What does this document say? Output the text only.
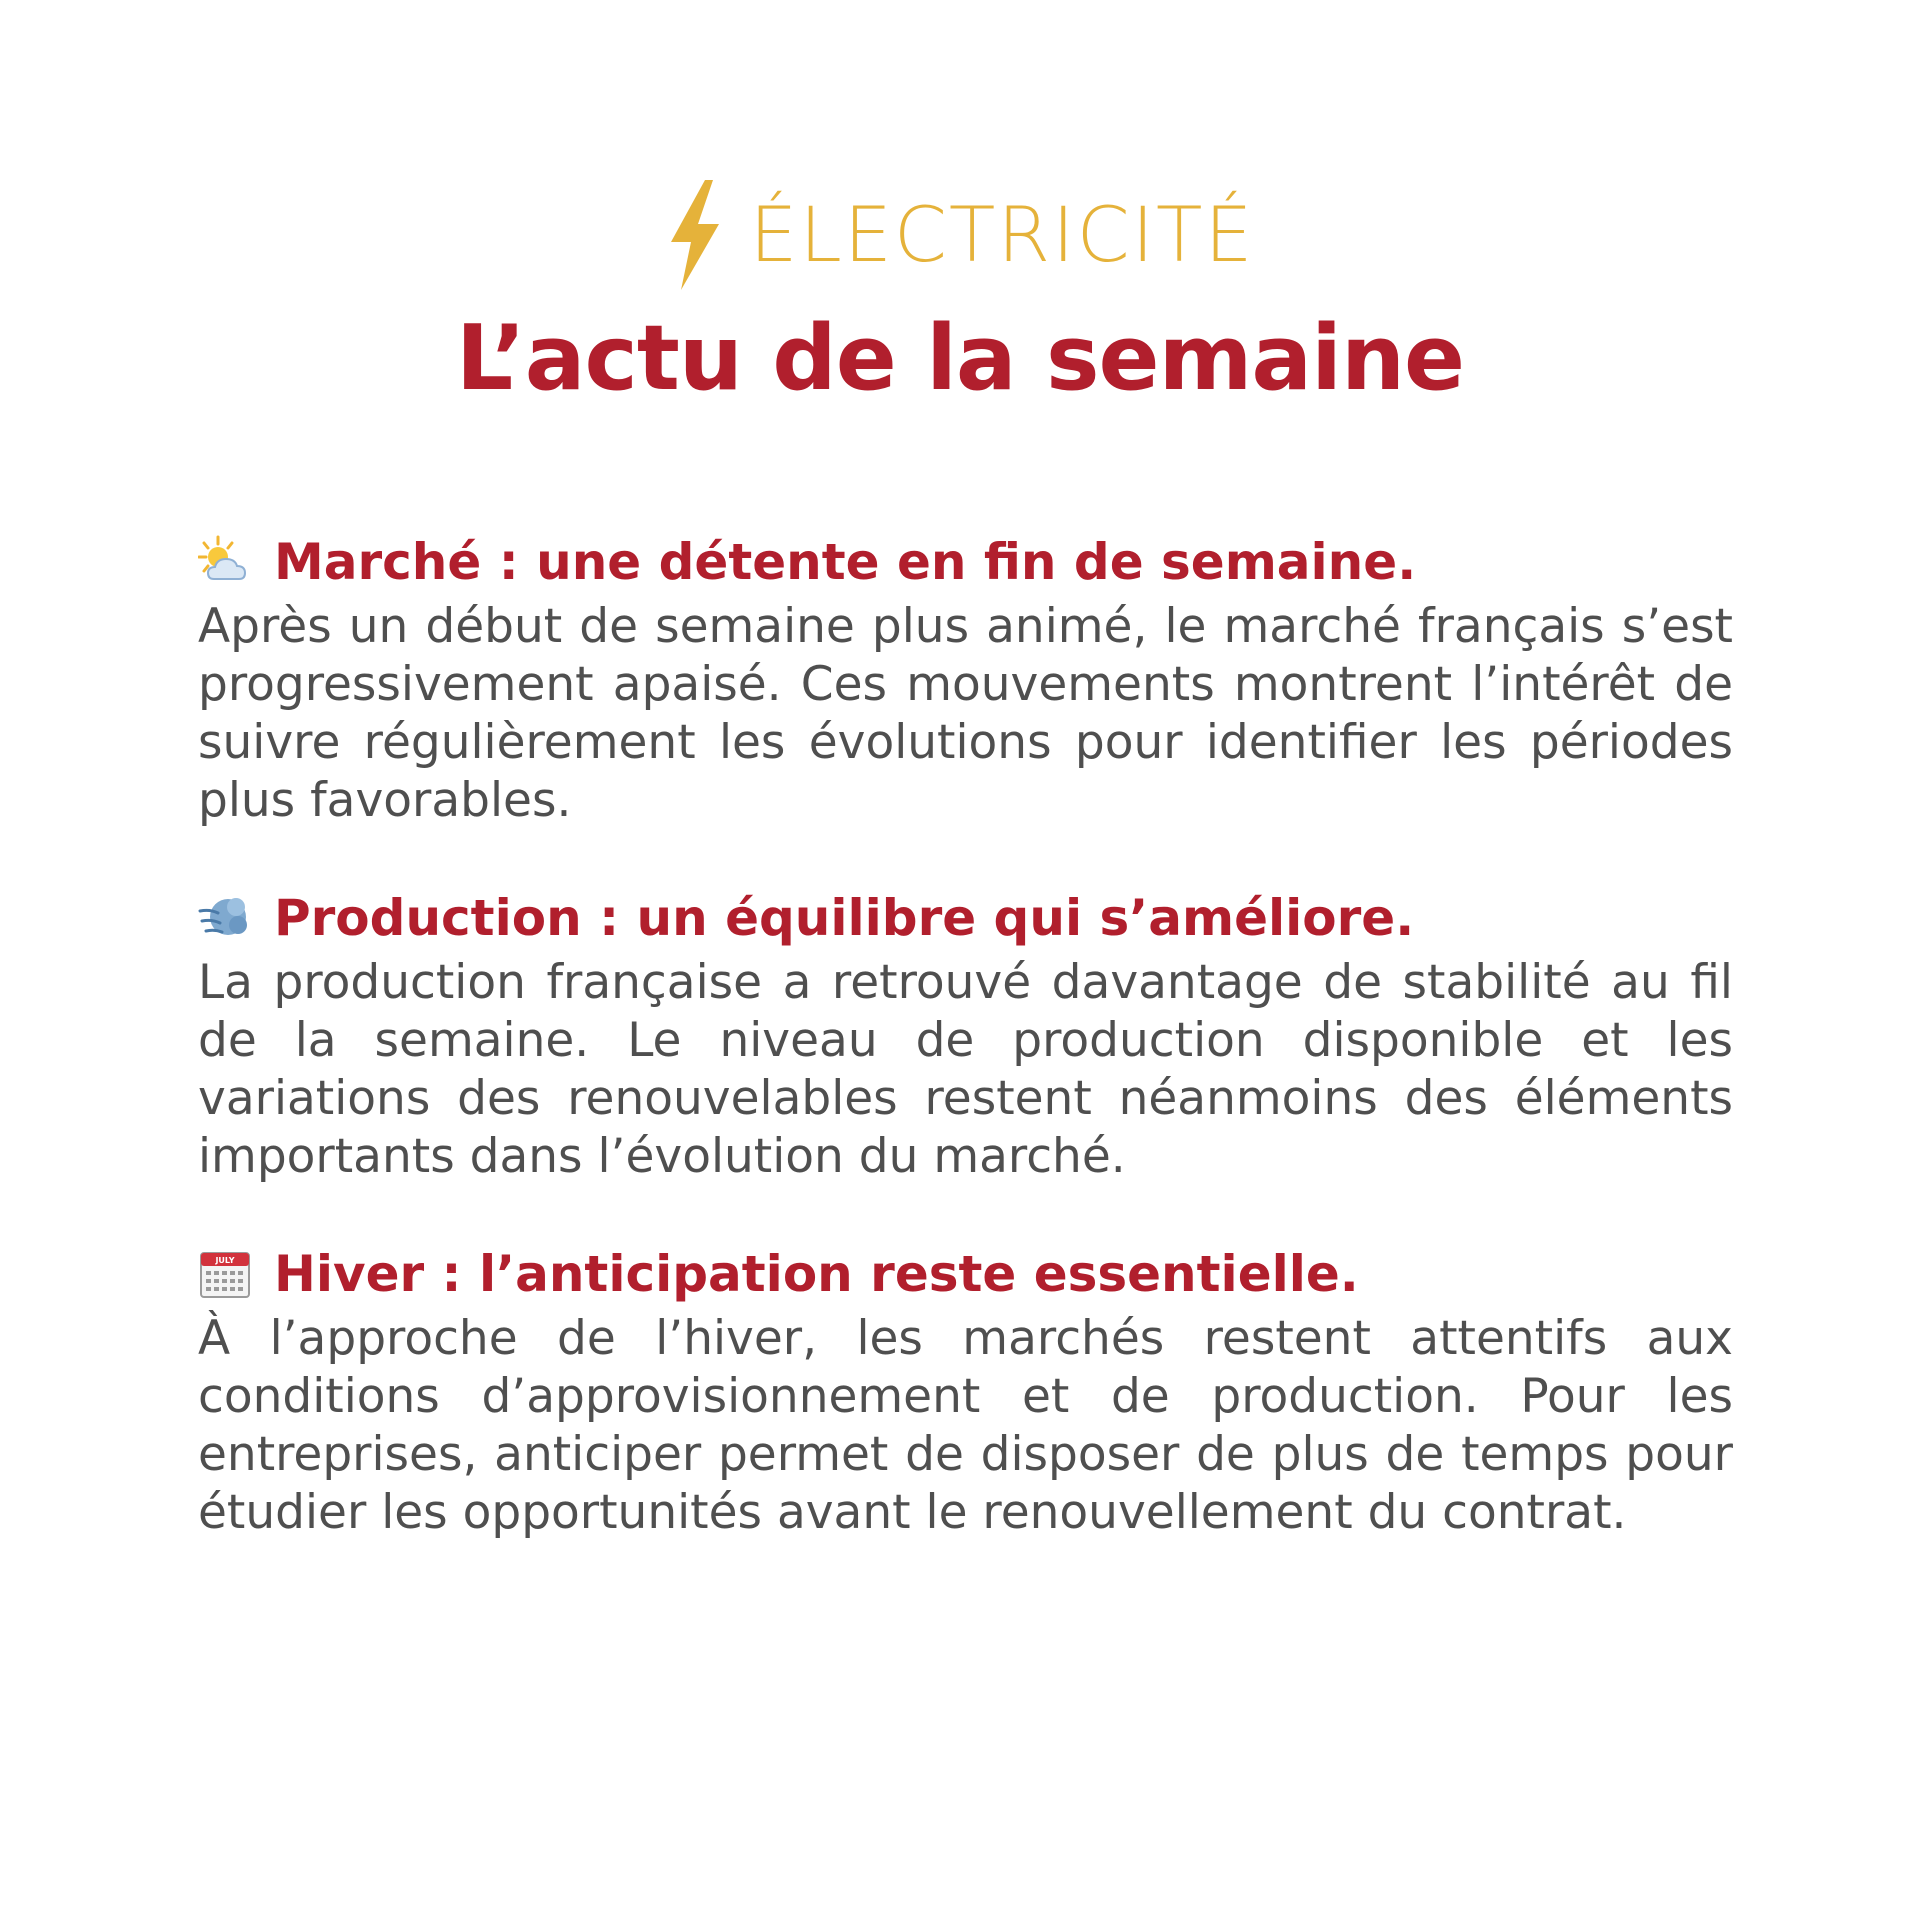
ÉLECTRICITÉ
L’actu de la semaine
Marché : une détente en fin de semaine.

Après un début de semaine plus animé, le marché français s’est progressivement apaisé. Ces mouvements montrent l’intérêt de suivre régulièrement les évolutions pour identifier les périodes plus favorables.

Production : un équilibre qui s’améliore.

La production française a retrouvé davantage de stabilité au fil de la semaine. Le niveau de production disponible et les variations des renouvelables restent néanmoins des éléments importants dans l’évolution du marché.

JULY Hiver : l’anticipation reste essentielle.

À l’approche de l’hiver, les marchés restent attentifs aux conditions d’approvisionnement et de production. Pour les entreprises, anticiper permet de disposer de plus de temps pour étudier les opportunités avant le renouvellement du contrat.
